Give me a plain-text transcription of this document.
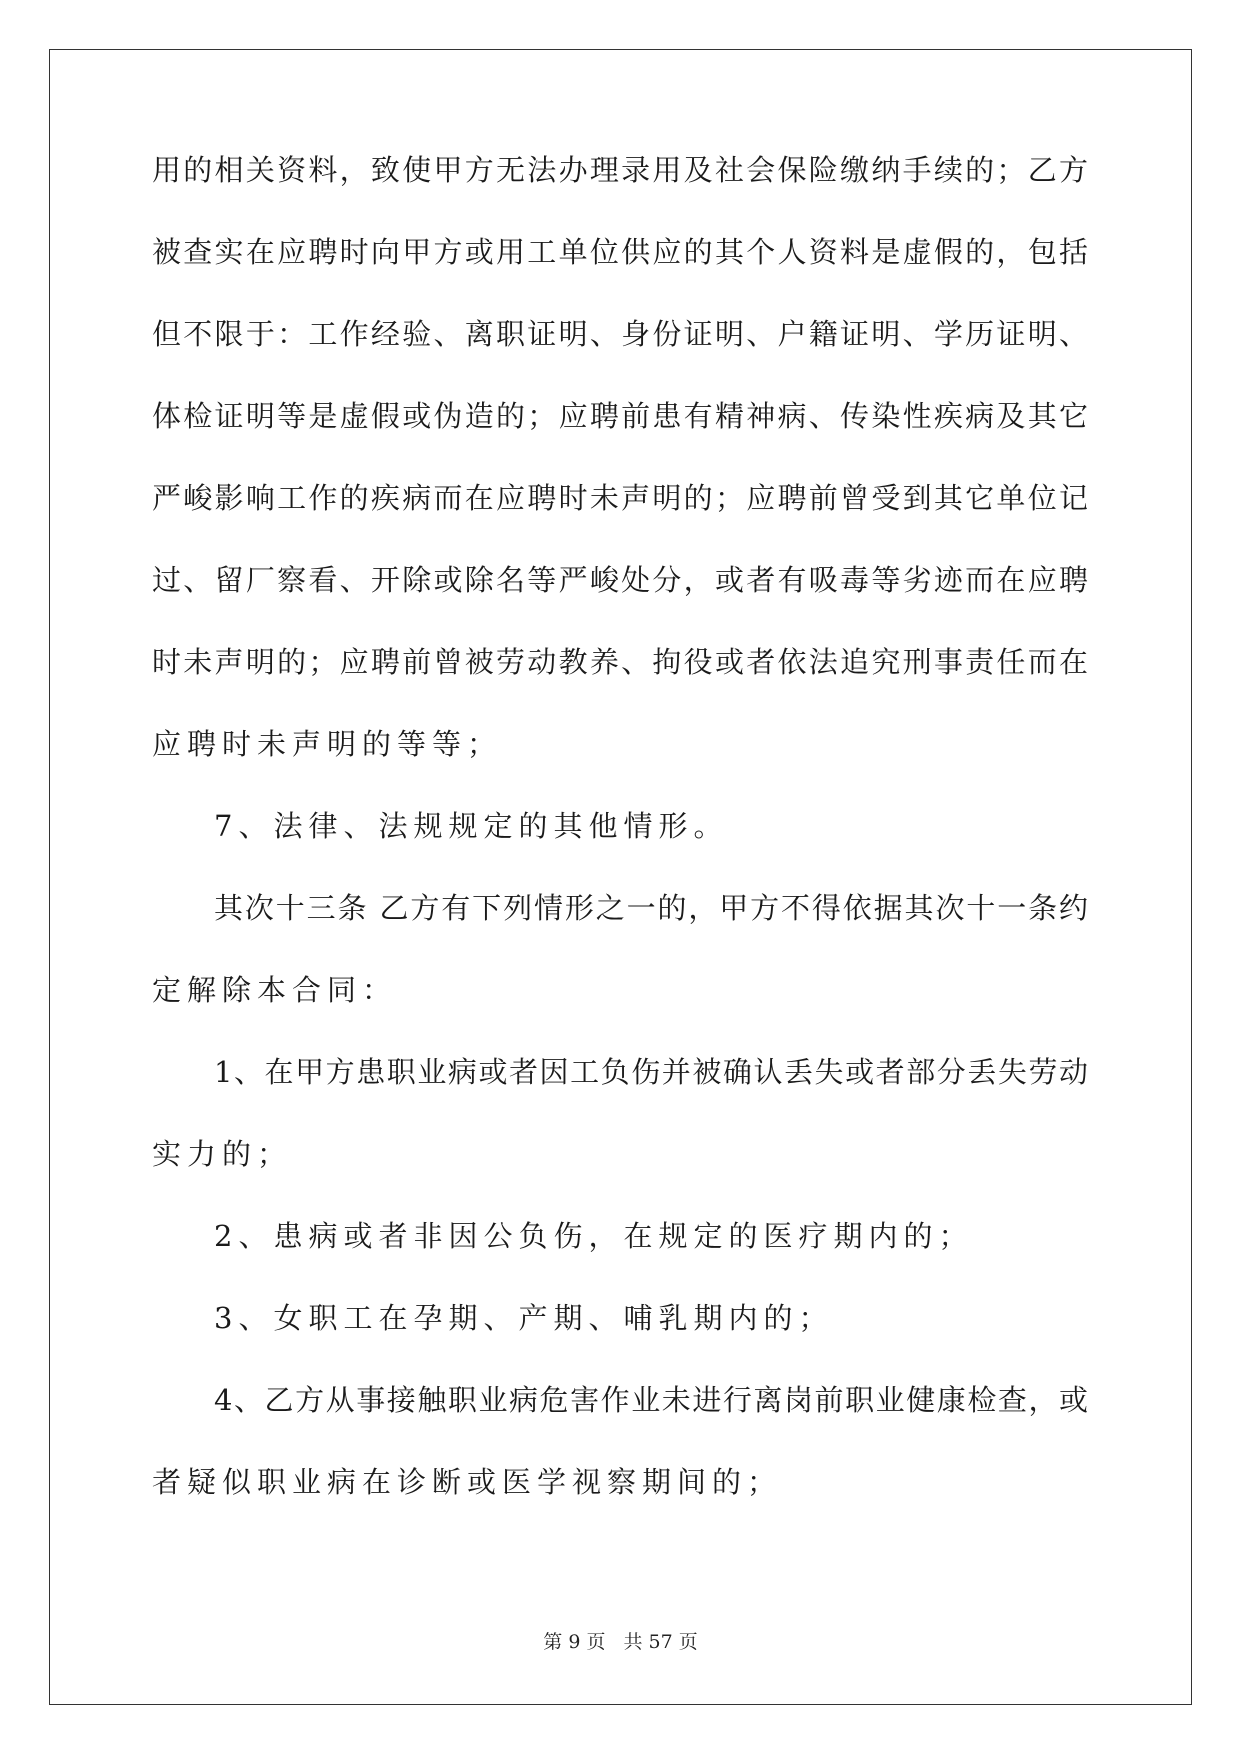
用的相关资料，致使甲方无法办理录用及社会保险缴纳手续的；乙方
被查实在应聘时向甲方或用工单位供应的其个人资料是虚假的，包括
但不限于：工作经验、离职证明、身份证明、户籍证明、学历证明、
体检证明等是虚假或伪造的；应聘前患有精神病、传染性疾病及其它
严峻影响工作的疾病而在应聘时未声明的；应聘前曾受到其它单位记
过、留厂察看、开除或除名等严峻处分，或者有吸毒等劣迹而在应聘
时未声明的；应聘前曾被劳动教养、拘役或者依法追究刑事责任而在
应聘时未声明的等等；
7、法律、法规规定的其他情形。
其次十三条 乙方有下列情形之一的，甲方不得依据其次十一条约
定解除本合同：
1、在甲方患职业病或者因工负伤并被确认丢失或者部分丢失劳动
实力的；
2、患病或者非因公负伤，在规定的医疗期内的；
3、女职工在孕期、产期、哺乳期内的；
4、乙方从事接触职业病危害作业未进行离岗前职业健康检查，或
者疑似职业病在诊断或医学视察期间的；
第 9 页 共 57 页
